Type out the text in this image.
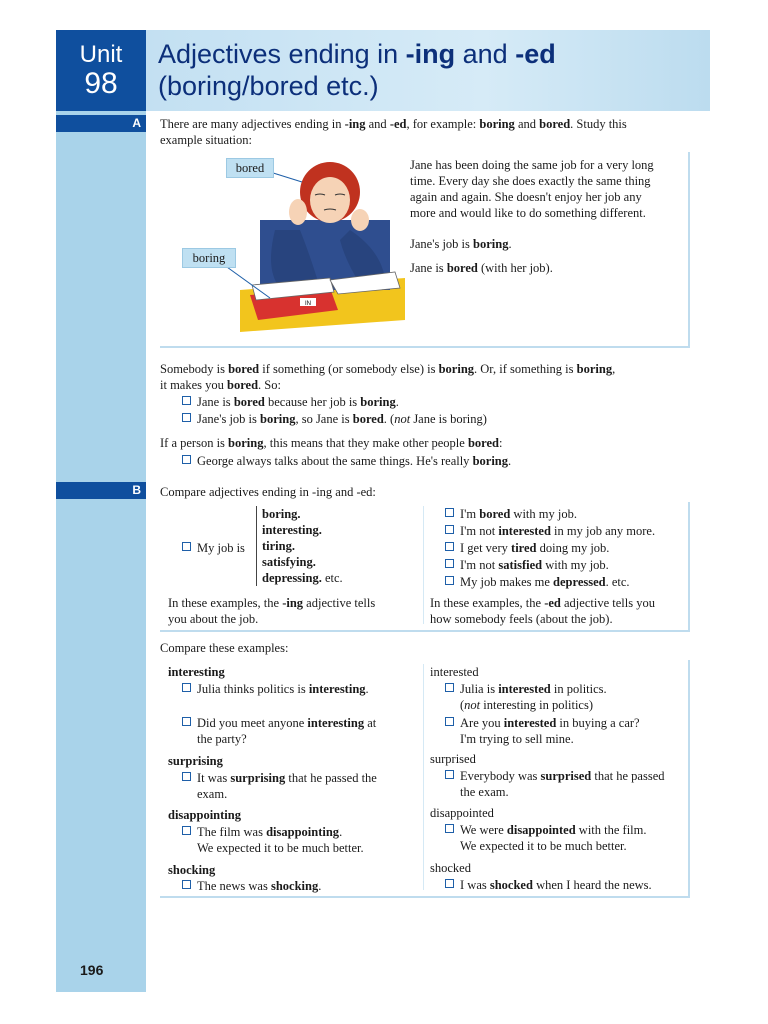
Unit
98
Adjectives ending in -ing and -ed
(boring/bored etc.)
A	There are many adjectives ending in -ing and -ed, for example: boring and bored. Study this
example situation:

IN
bored
boring

Jane has been doing the same job for a very long
time. Every day she does exactly the same thing
again and again. She doesn't enjoy her job any
more and would like to do something different.

Jane's job is boring.

Jane is bored (with her job).

Somebody is bored if something (or somebody else) is boring. Or, if something is boring,
it makes you bored. So:

Jane is bored because her job is boring.

Jane's job is boring, so Jane is bored. (not Jane is boring)

If a person is boring, this means that they make other people bored:

George always talks about the same things. He's really boring.

B	Compare adjectives ending in -ing and -ed:

My job is

boring.
interesting.
tiring.
satisfying.
depressing. etc.

I'm bored with my job.

I'm not interested in my job any more.

I get very tired doing my job.

I'm not satisfied with my job.

My job makes me depressed. etc.

In these examples, the -ing adjective tells
you about the job.

In these examples, the -ed adjective tells you
how somebody feels (about the job).

Compare these examples:

interesting

Julia thinks politics is interesting.

Did you meet anyone interesting at
the party?

surprising

It was surprising that he passed the
exam.

disappointing

The film was disappointing.
We expected it to be much better.

shocking

The news was shocking.

interested

Julia is interested in politics.
(not interesting in politics)

Are you interested in buying a car?
I'm trying to sell mine.

surprised

Everybody was surprised that he passed
the exam.

disappointed

We were disappointed with the film.
We expected it to be much better.

shocked

I was shocked when I heard the news.

196
